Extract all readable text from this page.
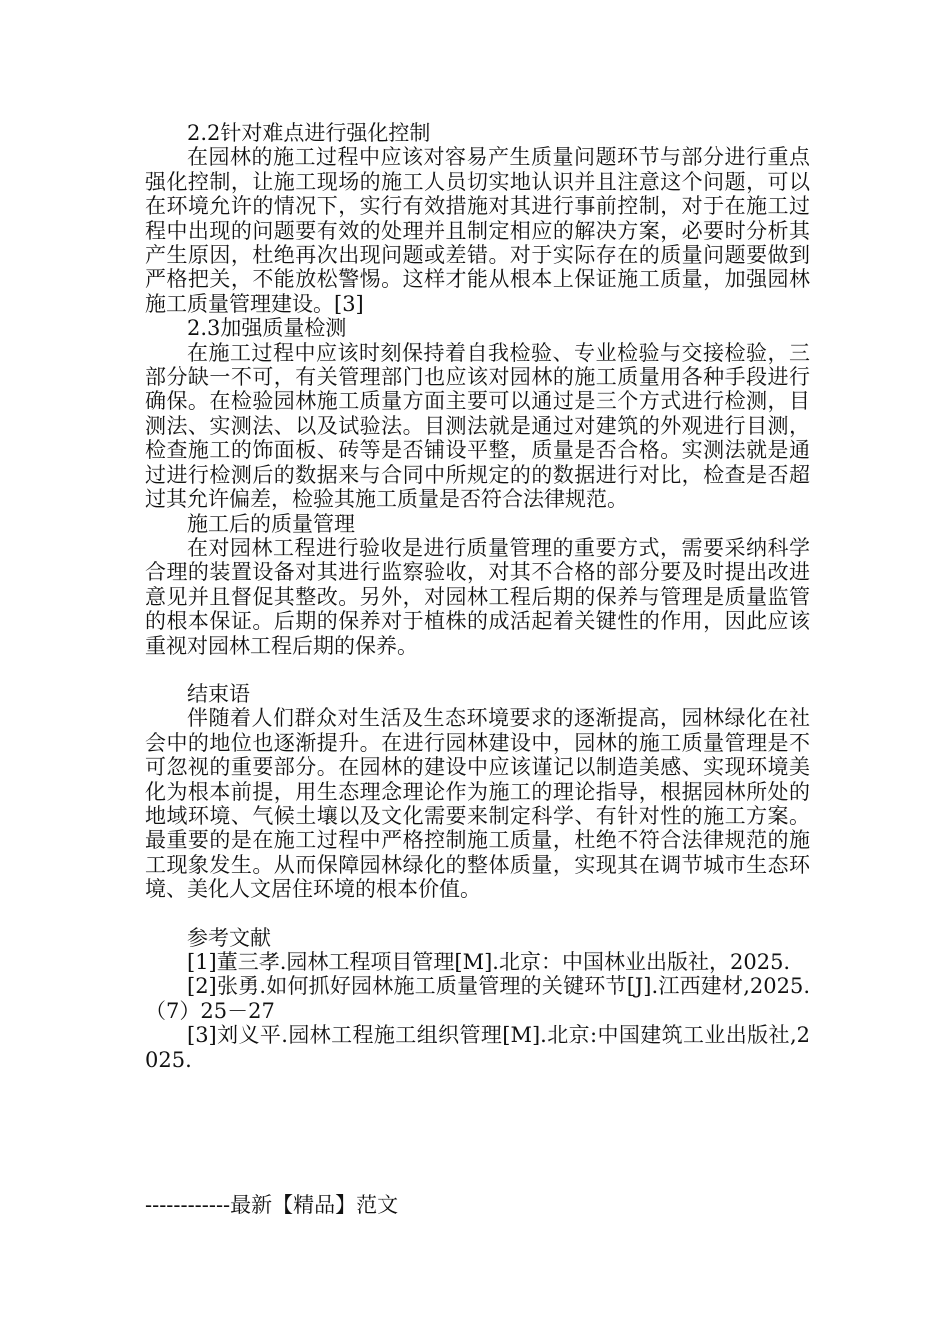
2.2针对难点进行强化控制

在园林的施工过程中应该对容易产生质量问题环节与部分进行重点强化控制，让施工现场的施工人员切实地认识并且注意这个问题，可以在环境允许的情况下，实行有效措施对其进行事前控制，对于在施工过程中出现的问题要有效的处理并且制定相应的解决方案，必要时分析其产生原因，杜绝再次出现问题或差错。对于实际存在的质量问题要做到严格把关，不能放松警惕。这样才能从根本上保证施工质量，加强园林施工质量管理建设。[3]

2.3加强质量检测

在施工过程中应该时刻保持着自我检验、专业检验与交接检验，三部分缺一不可，有关管理部门也应该对园林的施工质量用各种手段进行确保。在检验园林施工质量方面主要可以通过是三个方式进行检测，目测法、实测法、以及试验法。目测法就是通过对建筑的外观进行目测，检查施工的饰面板、砖等是否铺设平整，质量是否合格。实测法就是通过进行检测后的数据来与合同中所规定的的数据进行对比，检查是否超过其允许偏差，检验其施工质量是否符合法律规范。

施工后的质量管理

在对园林工程进行验收是进行质量管理的重要方式，需要采纳科学合理的装置设备对其进行监察验收，对其不合格的部分要及时提出改进意见并且督促其整改。另外，对园林工程后期的保养与管理是质量监管的根本保证。后期的保养对于植株的成活起着关键性的作用，因此应该重视对园林工程后期的保养。

结束语

伴随着人们群众对生活及生态环境要求的逐渐提高，园林绿化在社会中的地位也逐渐提升。在进行园林建设中，园林的施工质量管理是不可忽视的重要部分。在园林的建设中应该谨记以制造美感、实现环境美化为根本前提，用生态理念理论作为施工的理论指导，根据园林所处的地域环境、气候土壤以及文化需要来制定科学、有针对性的施工方案。最重要的是在施工过程中严格控制施工质量，杜绝不符合法律规范的施工现象发生。从而保障园林绿化的整体质量，实现其在调节城市生态环境、美化人文居住环境的根本价值。

参考文献

[1]董三孝.园林工程项目管理[M].北京：中国林业出版社，2025.

[2]张勇.如何抓好园林施工质量管理的关键环节[J].江西建材,2025.（7）25－27

[3]刘义平.园林工程施工组织管理[M].北京:中国建筑工业出版社,2025.

------------最新【精品】范文
